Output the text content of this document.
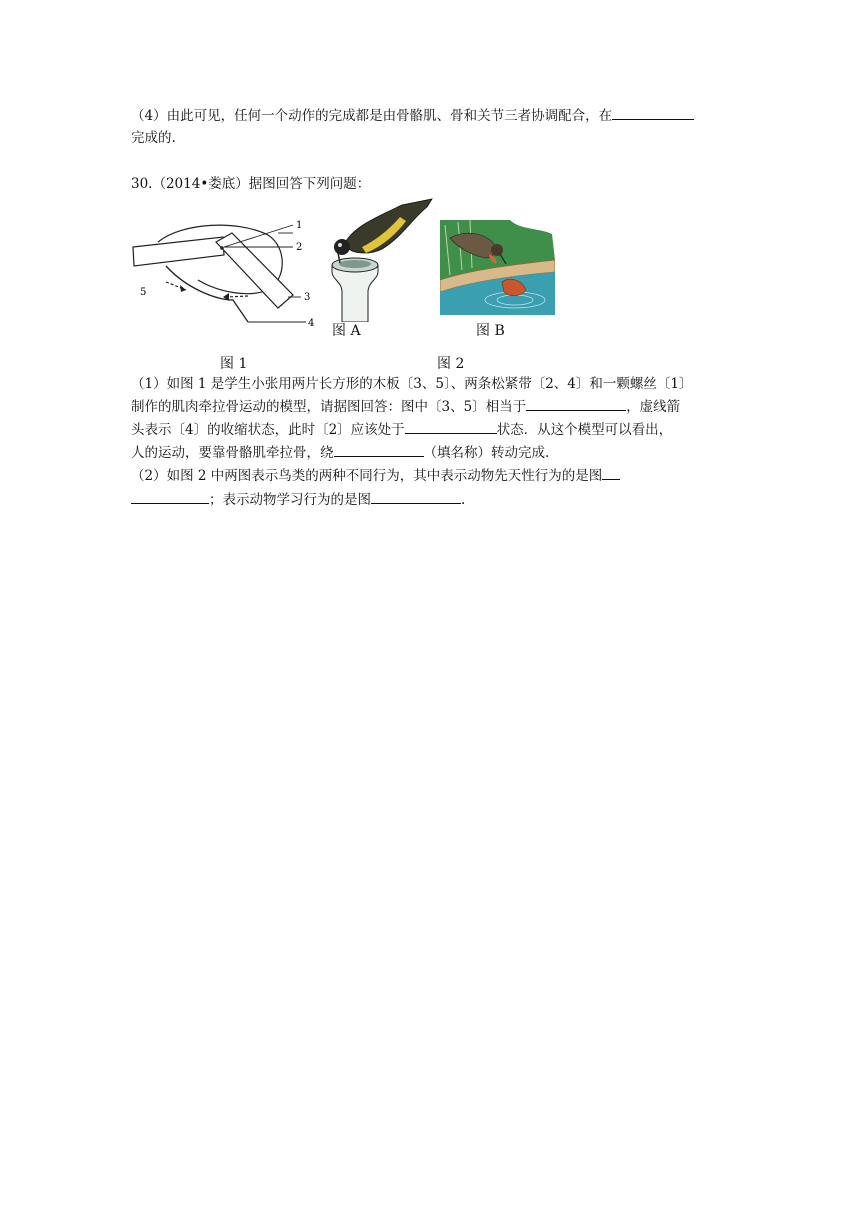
（4）由此可见，任何一个动作的完成都是由骨骼肌、骨和关节三者协调配合，在
完成的.
30.（2014•娄底）据图回答下列问题：
1
2
3
4
5
图 A	图 B
图 1	图 2
（1）如图 1 是学生小张用两片长方形的木板〔3、5〕、两条松紧带〔2、4〕和一颗螺丝〔1〕
制作的肌肉牵拉骨运动的模型，请据图回答：图中〔3、5〕相当于	，虚线箭
头表示〔4〕的收缩状态，此时〔2〕应该处于	状态．从这个模型可以看出，
人的运动，要靠骨骼肌牵拉骨，绕	（填名称）转动完成.
（2）如图 2 中两图表示鸟类的两种不同行为，其中表示动物先天性行为的是图
；表示动物学习行为的是图	.
